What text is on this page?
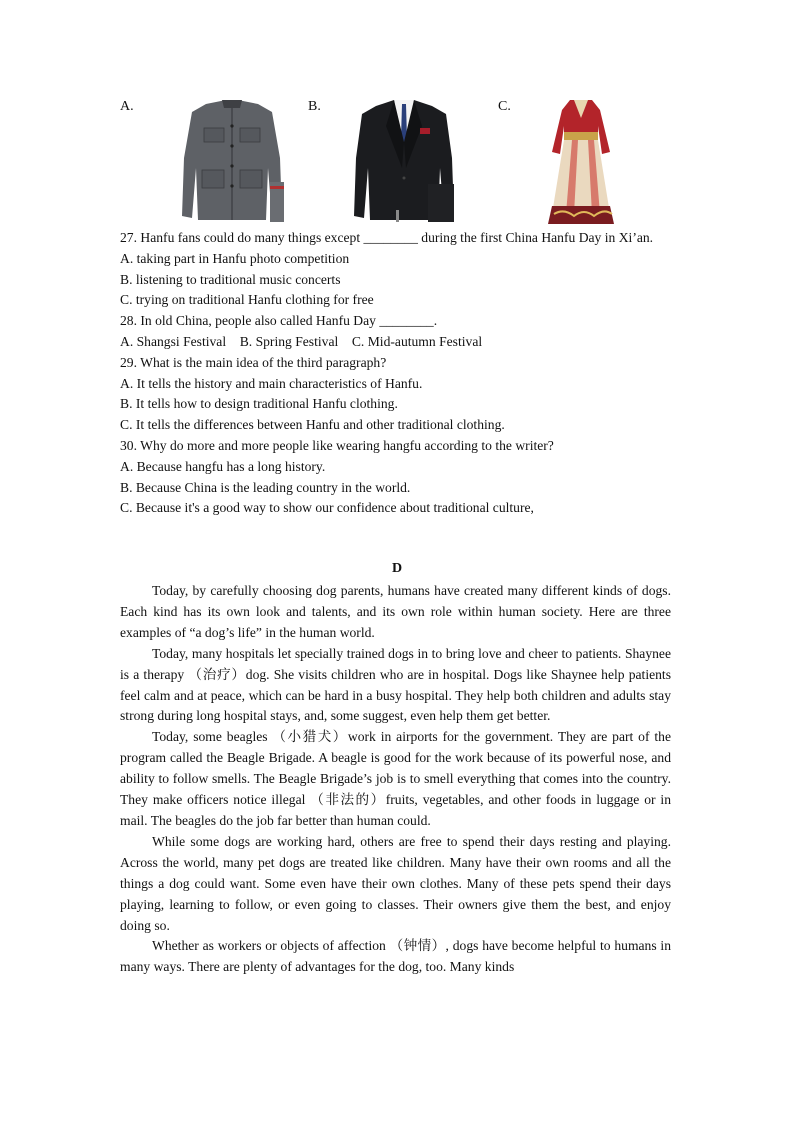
A.	B.	C.

27. Hanfu fans could do many things except ________ during the first China Hanfu Day in Xi’an.

A. taking part in Hanfu photo competition

B. listening to traditional music concerts

C. trying on traditional Hanfu clothing for free

28. In old China, people also called Hanfu Day ________.

A. Shangsi Festival    B. Spring Festival    C. Mid-autumn Festival

29. What is the main idea of the third paragraph?

A. It tells the history and main characteristics of Hanfu.

B. It tells how to design traditional Hanfu clothing.

C. It tells the differences between Hanfu and other traditional clothing.

30. Why do more and more people like wearing hangfu according to the writer?

A. Because hangfu has a long history.

B. Because China is the leading country in the world.

C. Because it's a good way to show our confidence about traditional culture,

D

Today, by carefully choosing dog parents, humans have created many different kinds of dogs. Each kind has its own look and talents, and its own role within human society. Here are three examples of “a dog’s life” in the human world.

Today, many hospitals let specially trained dogs in to bring love and cheer to patients. Shaynee is a therapy （治疗）dog. She visits children who are in hospital. Dogs like Shaynee help patients feel calm and at peace, which can be hard in a busy hospital. They help both children and adults stay strong during long hospital stays, and, some suggest, even help them get better.

Today, some beagles （小猎犬）work in airports for the government. They are part of the program called the Beagle Brigade. A beagle is good for the work because of its powerful nose, and ability to follow smells. The Beagle Brigade’s job is to smell everything that comes into the country. They make officers notice illegal （非法的）fruits, vegetables, and other foods in luggage or in mail. The beagles do the job far better than human could.

While some dogs are working hard, others are free to spend their days resting and playing. Across the world, many pet dogs are treated like children. Many have their own rooms and all the things a dog could want. Some even have their own clothes. Many of these pets spend their days playing, learning to follow, or even going to classes. Their owners give them the best, and enjoy doing so.

Whether as workers or objects of affection （钟情）, dogs have become helpful to humans in many ways. There are plenty of advantages for the dog, too. Many kinds
